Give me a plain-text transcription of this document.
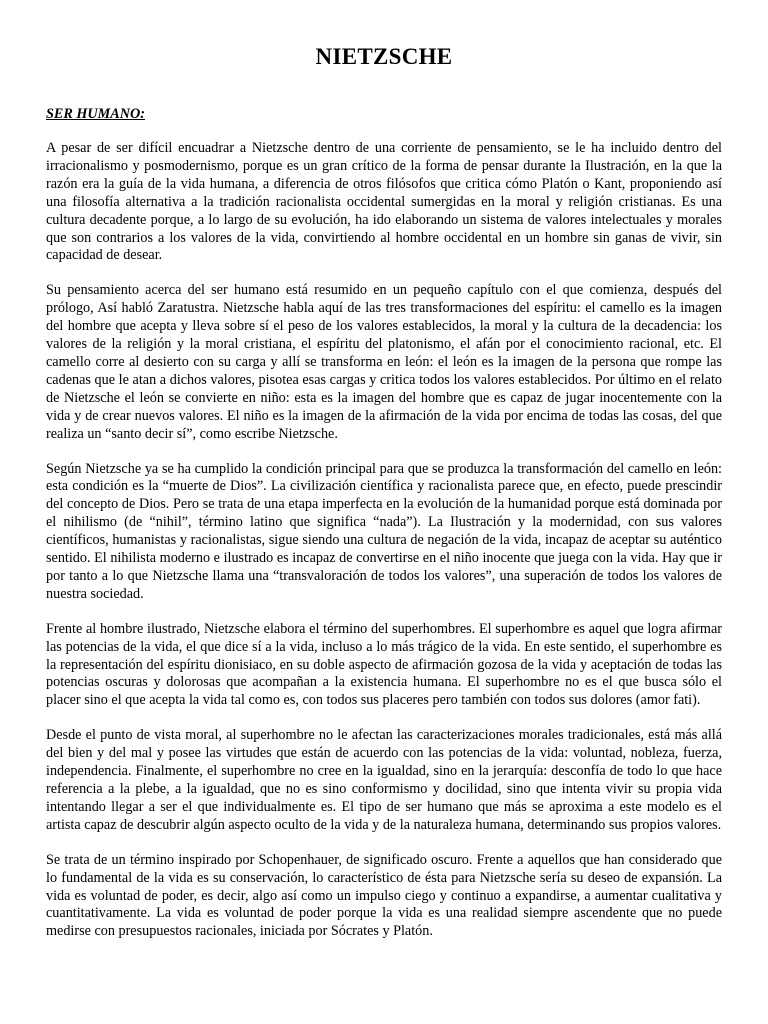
NIETZSCHE
SER HUMANO:

A pesar de ser difícil encuadrar a Nietzsche dentro de una corriente de pensamiento, se le ha incluido dentro del irracionalismo y posmodernismo, porque es un gran crítico de la forma de pensar durante la Ilustración, en la que la razón era la guía de la vida humana, a diferencia de otros filósofos que critica cómo Platón o Kant, proponiendo así una filosofía alternativa a la tradición racionalista occidental sumergidas en la moral y religión cristianas. Es una cultura decadente porque, a lo largo de su evolución, ha ido elaborando un sistema de valores intelectuales y morales que son contrarios a los valores de la vida, convirtiendo al hombre occidental en un hombre sin ganas de vivir, sin capacidad de desear.

Su pensamiento acerca del ser humano está resumido en un pequeño capítulo con el que comienza, después del prólogo, Así habló Zaratustra. Nietzsche habla aquí de las tres transformaciones del espíritu: el camello es la imagen del hombre que acepta y lleva sobre sí el peso de los valores establecidos, la moral y la cultura de la decadencia: los valores de la religión y la moral cristiana, el espíritu del platonismo, el afán por el conocimiento racional, etc. El camello corre al desierto con su carga y allí se transforma en león: el león es la imagen de la persona que rompe las cadenas que le atan a dichos valores, pisotea esas cargas y critica todos los valores establecidos. Por último en el relato de Nietzsche el león se convierte en niño: esta es la imagen del hombre que es capaz de jugar inocentemente con la vida y de crear nuevos valores. El niño es la imagen de la afirmación de la vida por encima de todas las cosas, del que realiza un “santo decir sí”, como escribe Nietzsche.

Según Nietzsche ya se ha cumplido la condición principal para que se produzca la transformación del camello en león: esta condición es la “muerte de Dios”. La civilización científica y racionalista parece que, en efecto, puede prescindir del concepto de Dios. Pero se trata de una etapa imperfecta en la evolución de la humanidad porque está dominada por el nihilismo (de “nihil”, término latino que significa “nada”). La Ilustración y la modernidad, con sus valores científicos, humanistas y racionalistas, sigue siendo una cultura de negación de la vida, incapaz de aceptar su auténtico sentido. El nihilista moderno e ilustrado es incapaz de convertirse en el niño inocente que juega con la vida. Hay que ir por tanto a lo que Nietzsche llama una “transvaloración de todos los valores”, una superación de todos los valores de nuestra sociedad.

Frente al hombre ilustrado, Nietzsche elabora el término del superhombres. El superhombre es aquel que logra afirmar las potencias de la vida, el que dice sí a la vida, incluso a lo más trágico de la vida. En este sentido, el superhombre es la representación del espíritu dionisiaco, en su doble aspecto de afirmación gozosa de la vida y aceptación de todas las potencias oscuras y dolorosas que acompañan a la existencia humana. El superhombre no es el que busca sólo el placer sino el que acepta la vida tal como es, con todos sus placeres pero también con todos sus dolores (amor fati).

Desde el punto de vista moral, al superhombre no le afectan las caracterizaciones morales tradicionales, está más allá del bien y del mal y posee las virtudes que están de acuerdo con las potencias de la vida: voluntad, nobleza, fuerza, independencia. Finalmente, el superhombre no cree en la igualdad, sino en la jerarquía: desconfía de todo lo que hace referencia a la plebe, a la igualdad, que no es sino conformismo y docilidad, sino que intenta vivir su propia vida intentando llegar a ser el que individualmente es. El tipo de ser humano que más se aproxima a este modelo es el artista capaz de descubrir algún aspecto oculto de la vida y de la naturaleza humana, determinando sus propios valores.

Se trata de un término inspirado por Schopenhauer, de significado oscuro. Frente a aquellos que han considerado que lo fundamental de la vida es su conservación, lo característico de ésta para Nietzsche sería su deseo de expansión. La vida es voluntad de poder, es decir, algo así como un impulso ciego y continuo a expandirse, a aumentar cualitativa y cuantitativamente. La vida es voluntad de poder porque la vida es una realidad siempre ascendente que no puede medirse con presupuestos racionales, iniciada por Sócrates y Platón.
